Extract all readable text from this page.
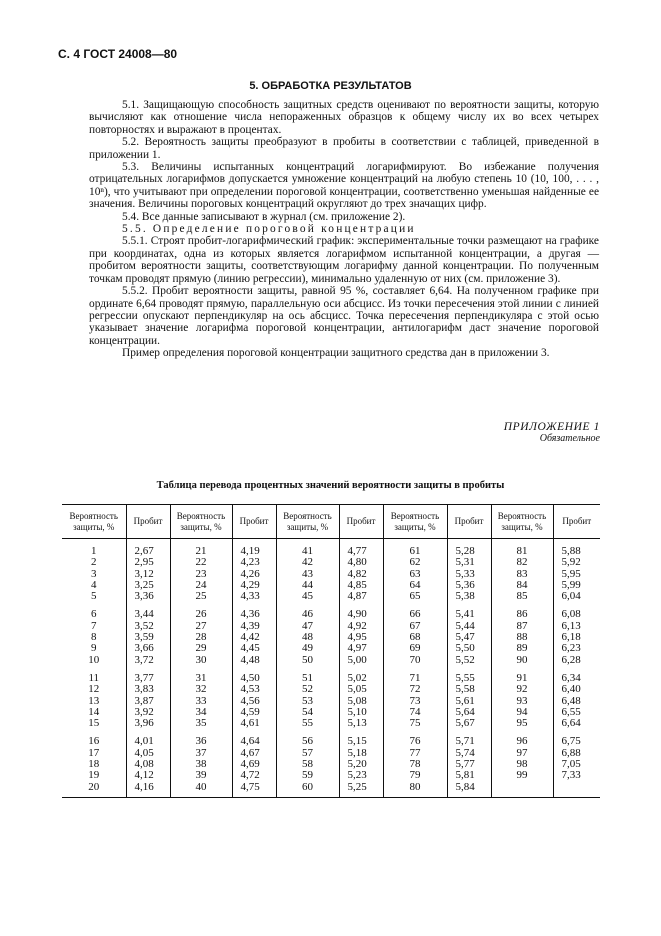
С. 4 ГОСТ 24008—80
5. ОБРАБОТКА РЕЗУЛЬТАТОВ

5.1. Защищающую способность защитных средств оценивают по вероятности защиты, которую вычисляют как отношение числа непораженных образцов к общему числу их во всех четырех повторностях и выражают в процентах.

5.2. Вероятность защиты преобразуют в пробиты в соответствии с таблицей, приведенной в приложении 1.

5.3. Величины испытанных концентраций логарифмируют. Во избежание получения отрицательных логарифмов допускается умножение концентраций на любую степень 10 (10, 100, . . . , 10ⁿ), что учитывают при определении пороговой концентрации, соответственно уменьшая найденные ее значения. Величины пороговых концентраций округляют до трех значащих цифр.

5.4. Все данные записывают в журнал (см. приложение 2).

5.5. Определение пороговой концентрации

5.5.1. Строят пробит-логарифмический график: экспериментальные точки размещают на графике при координатах, одна из которых является логарифмом испытанной концентрации, а другая — пробитом вероятности защиты, соответствующим логарифму данной концентрации. По полученным точкам проводят прямую (линию регрессии), минимально удаленную от них (см. приложение 3).

5.5.2. Пробит вероятности защиты, равной 95 %, составляет 6,64. На полученном графике при ординате 6,64 проводят прямую, параллельную оси абсцисс. Из точки пересечения этой линии с линией регрессии опускают перпендикуляр на ось абсцисс. Точка пересечения перпендикуляра с этой осью указывает значение логарифма пороговой концентрации, антилогарифм даст значение пороговой концентрации.

Пример определения пороговой концентрации защитного средства дан в приложении 3.

ПРИЛОЖЕНИЕ 1
Обязательное
Таблица перевода процентных значений вероятности защиты в пробиты
Вероятность защиты, %	Пробит	Вероятность защиты, %	Пробит	Вероятность защиты, %	Пробит	Вероятность защиты, %	Пробит	Вероятность защиты, %	Пробит

1	2,67	21	4,19	41	4,77	61	5,28	81	5,88
2	2,95	22	4,23	42	4,80	62	5,31	82	5,92
3	3,12	23	4,26	43	4,82	63	5,33	83	5,95
4	3,25	24	4,29	44	4,85	64	5,36	84	5,99
5	3,36	25	4,33	45	4,87	65	5,38	85	6,04

6	3,44	26	4,36	46	4,90	66	5,41	86	6,08
7	3,52	27	4,39	47	4,92	67	5,44	87	6,13
8	3,59	28	4,42	48	4,95	68	5,47	88	6,18
9	3,66	29	4,45	49	4,97	69	5,50	89	6,23
10	3,72	30	4,48	50	5,00	70	5,52	90	6,28

11	3,77	31	4,50	51	5,02	71	5,55	91	6,34
12	3,83	32	4,53	52	5,05	72	5,58	92	6,40
13	3,87	33	4,56	53	5,08	73	5,61	93	6,48
14	3,92	34	4,59	54	5,10	74	5,64	94	6,55
15	3,96	35	4,61	55	5,13	75	5,67	95	6,64

16	4,01	36	4,64	56	5,15	76	5,71	96	6,75
17	4,05	37	4,67	57	5,18	77	5,74	97	6,88
18	4,08	38	4,69	58	5,20	78	5,77	98	7,05
19	4,12	39	4,72	59	5,23	79	5,81	99	7,33
20	4,16	40	4,75	60	5,25	80	5,84		
